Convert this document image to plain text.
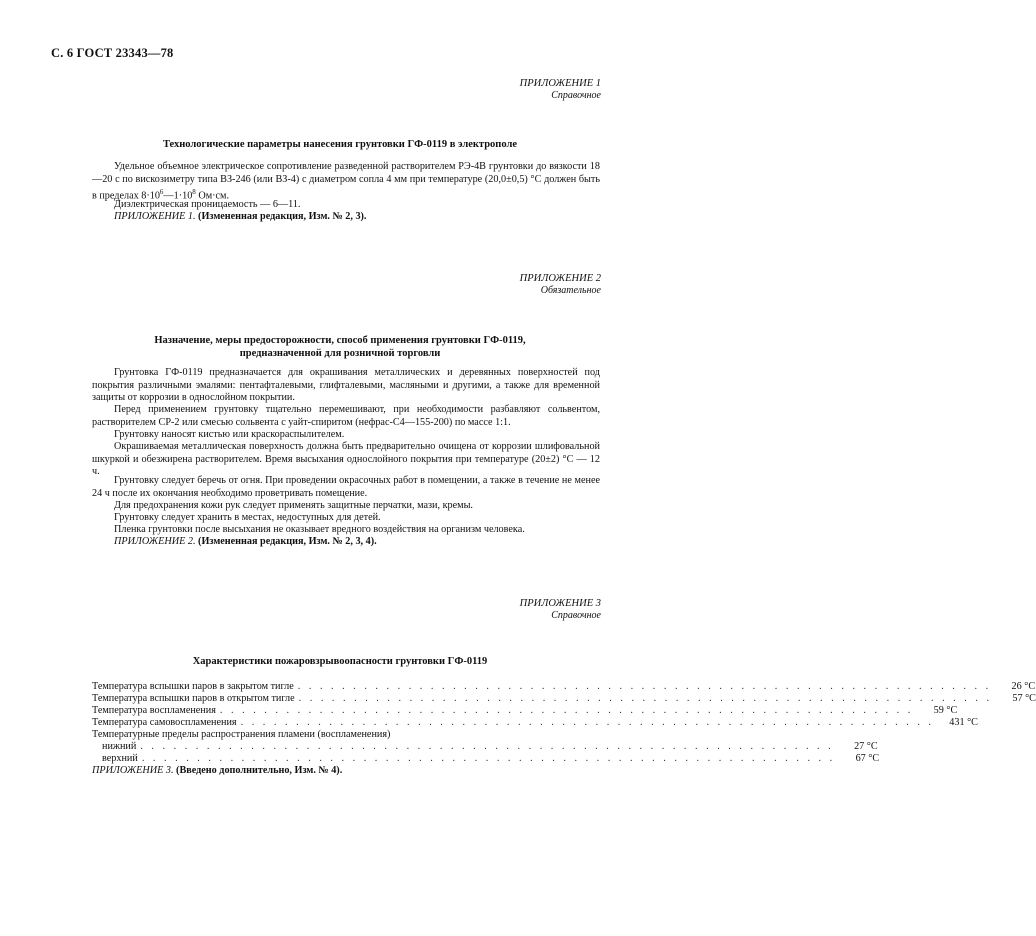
С. 6 ГОСТ 23343—78
ПРИЛОЖЕНИЕ 1
Справочное
Технологические параметры нанесения грунтовки ГФ-0119 в электрополе
Удельное объемное электрическое сопротивление разведенной растворителем РЭ-4В грунтовки до вязкости 18—20 с по вискозиметру типа ВЗ-246 (или ВЗ-4) с диаметром сопла 4 мм при температуре (20,0±0,5) °С должен быть в пределах $8\cdot 10^6—1\cdot 10^8$ Ом·см.
Диэлектрическая проницаемость — 6—11.
ПРИЛОЖЕНИЕ 1. (Измененная редакция, Изм. № 2, 3).
ПРИЛОЖЕНИЕ 2
Обязательное
Назначение, меры предосторожности, способ применения грунтовки ГФ-0119,
предназначенной для розничной торговли
Грунтовка ГФ-0119 предназначается для окрашивания металлических и деревянных поверхностей под покрытия различными эмалями: пентафталевыми, глифталевыми, масляными и другими, а также для временной защиты от коррозии в однослойном покрытии.
Перед применением грунтовку тщательно перемешивают, при необходимости разбавляют сольвентом, растворителем СР-2 или смесью сольвента с уайт-спиритом (нефрас-С4—155-200) по массе 1:1.
Грунтовку наносят кистью или краскораспылителем.
Окрашиваемая металлическая поверхность должна быть предварительно очищена от коррозии шлифовальной шкуркой и обезжирена растворителем. Время высыхания однослойного покрытия при температуре (20±2) °С — 12 ч.
Грунтовку следует беречь от огня. При проведении окрасочных работ в помещении, а также в течение не менее 24 ч после их окончания необходимо проветривать помещение.
Для предохранения кожи рук следует применять защитные перчатки, мази, кремы.
Грунтовку следует хранить в местах, недоступных для детей.
Пленка грунтовки после высыхания не оказывает вредного воздействия на организм человека.
ПРИЛОЖЕНИЕ 2. (Измененная редакция, Изм. № 2, 3, 4).
ПРИЛОЖЕНИЕ 3
Справочное
Характеристики пожаровзрывоопасности грунтовки ГФ-0119
Температура вспышки паров в закрытом тигле . . . . . . . . . . . . . . . . . . . . . . . . . . . . . . . . . . . . . . . . . . . . . . . . . . . . . . . . . . . . . . .	26 °С
Температура вспышки паров в открытом тигле . . . . . . . . . . . . . . . . . . . . . . . . . . . . . . . . . . . . . . . . . . . . . . . . . . . . . . . . . . . . . . .	57 °С
Температура воспламенения . . . . . . . . . . . . . . . . . . . . . . . . . . . . . . . . . . . . . . . . . . . . . . . . . . . . . . . . . . . . . . .	59 °С
Температура самовоспламенения . . . . . . . . . . . . . . . . . . . . . . . . . . . . . . . . . . . . . . . . . . . . . . . . . . . . . . . . . . . . . . .	431 °С
Температурные пределы распространения пламени (воспламенения)
нижний . . . . . . . . . . . . . . . . . . . . . . . . . . . . . . . . . . . . . . . . . . . . . . . . . . . . . . . . . . . . . . .	27 °С
верхний . . . . . . . . . . . . . . . . . . . . . . . . . . . . . . . . . . . . . . . . . . . . . . . . . . . . . . . . . . . . . . .	67 °С
ПРИЛОЖЕНИЕ 3. (Введено дополнительно, Изм. № 4).
